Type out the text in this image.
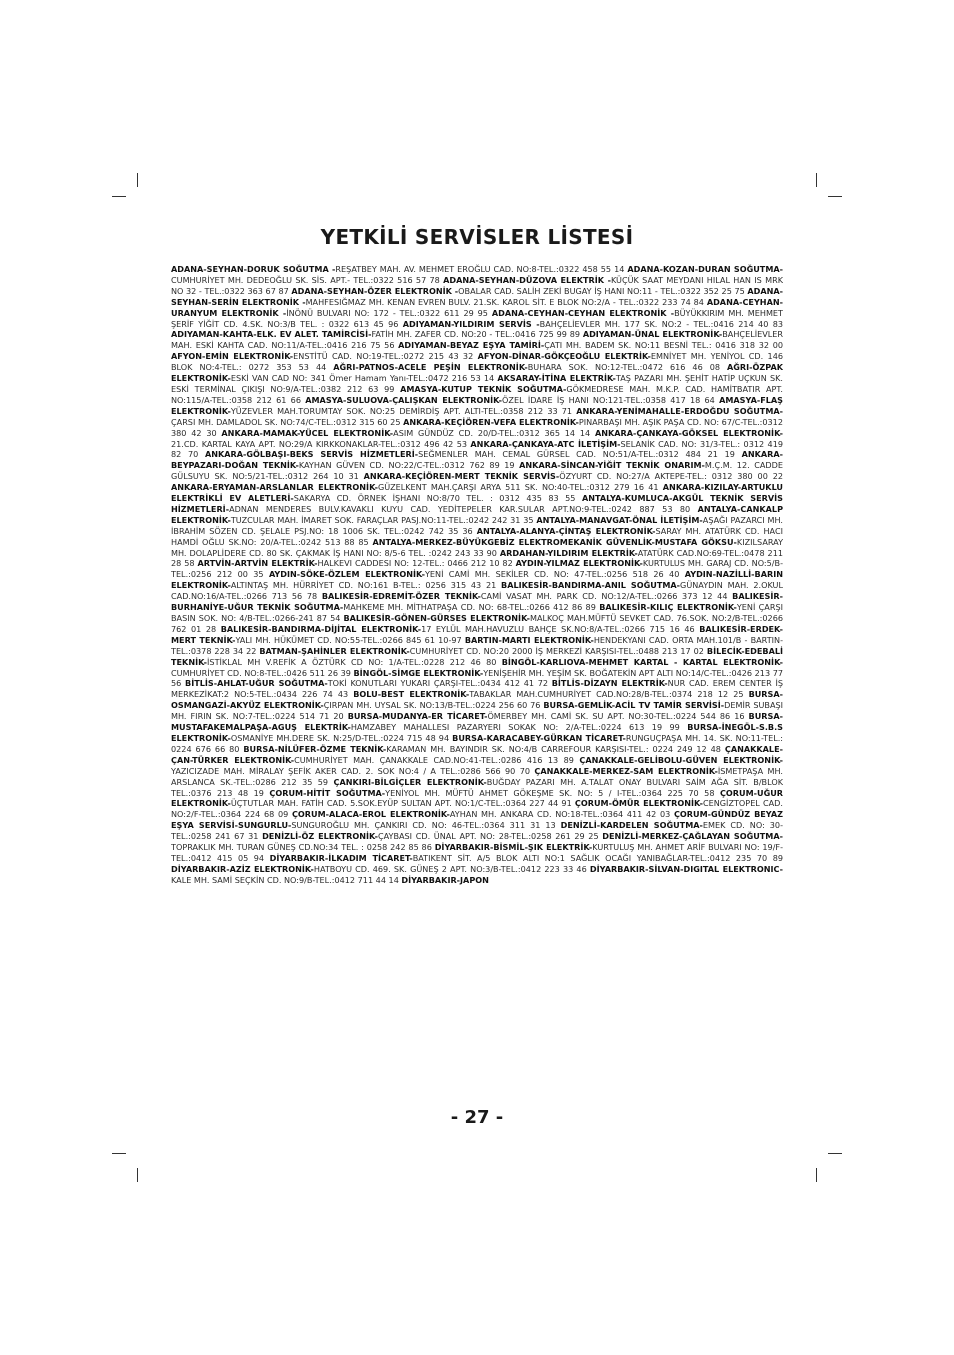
YETKİLİ SERVİSLER LİSTESİ
ADANA-SEYHAN-DORUK SOĞUTMA -REŞATBEY MAH. AV. MEHMET EROĞLU CAD. NO:8-TEL.:0322 458 55 14 ADANA-KOZAN-DURAN SOĞUTMA-CUMHURİYET MH. DEDEOĞLU SK. SİS. APT.- TEL.:0322 516 57 78 ADANA-SEYHAN-DÜZOVA ELEKTRİK -KÜÇÜK SAAT MEYDANI HILAL HAN IS MRK NO 32 - TEL.:0322 363 67 87 ADANA-SEYHAN-ÖZER ELEKTRONİK -OBALAR CAD. SALİH ZEKİ BUGAY İŞ HANI NO:11 - TEL.:0322 352 25 75 ADANA-SEYHAN-SERİN ELEKTRONİK -MAHFESIĞMAZ MH. KENAN EVREN BULV. 21.SK. KAROL SİT. E BLOK NO:2/A - TEL.:0322 233 74 84 ADANA-CEYHAN-URANYUM ELEKTRONİK -İNÖNÜ BULVARI NO: 172 - TEL.:0322 611 29 95 ADANA-CEYHAN-CEYHAN ELEKTRONİK -BÜYÜKKIRIM MH. MEHMET ŞERİF YİĞİT CD. 4.SK. NO:3/B TEL. : 0322 613 45 96 ADIYAMAN-YILDIRIM SERVİS -BAHÇELİEVLER MH. 177 SK. NO:2 - TEL.:0416 214 40 83 ADIYAMAN-KAHTA-ELK. EV ALET. TAMİRCİSİ-FATİH MH. ZAFER CD. NO:20 - TEL.:0416 725 99 89 ADIYAMAN-ÜNAL ELEKTRONİK-BAHÇELİEVLER MAH. ESKİ KAHTA CAD. NO:11/A-TEL.:0416 216 75 56 ADIYAMAN-BEYAZ EŞYA TAMİRİ-ÇATI MH. BADEM SK. NO:11 BESNİ TEL.: 0416 318 32 00 AFYON-EMİN ELEKTRONİK-ENSTİTÜ CAD. NO:19-TEL.:0272 215 43 32 AFYON-DİNAR-GÖKÇEOĞLU ELEKTRİK-EMNİYET MH. YENİYOL CD. 146 BLOK NO:4-TEL.: 0272 353 53 44 AĞRI-PATNOS-ACELE PEŞİN ELEKTRONİK-BUHARA SOK. NO:12-TEL.:0472 616 46 08 AĞRI-ÖZPAK ELEKTRONİK-ESKİ VAN CAD NO: 341 Ömer Hamam Yanı-TEL.:0472 216 53 14 AKSARAY-İTİNA ELEKTRİK-TAŞ PAZARI MH. ŞEHİT HATİP UÇKUN SK. ESKİ TERMİNAL ÇIKIŞI NO:9/A-TEL.:0382 212 63 99 AMASYA-KUTUP TEKNİK SOĞUTMA-GÖKMEDRESE MAH. M.K.P. CAD. HAMİTBATIR APT. NO:115/A-TEL.:0358 212 61 66 AMASYA-SULUOVA-ÇALIŞKAN ELEKTRONİK-ÖZEL İDARE İŞ HANI NO:121-TEL.:0358 417 18 64 AMASYA-FLAŞ ELEKTRONİK-YÜZEVLER MAH.TORUMTAY SOK. NO:25 DEMİRDİŞ APT. ALTI-TEL.:0358 212 33 71 ANKARA-YENİMAHALLE-ERDOĞDU SOĞUTMA-ÇARSI MH. DAMLADOL SK. NO:74/C-TEL.:0312 315 60 25 ANKARA-KEÇİÖREN-VEFA ELEKTRONİK-PINARBAŞI MH. AŞIK PAŞA CD. NO: 67/C-TEL.:0312 380 42 30 ANKARA-MAMAK-YÜCEL ELEKTRONİK-ASIM GÜNDÜZ CD. 20/D-TEL.:0312 365 14 14 ANKARA-ÇANKAYA-GÖKSEL ELEKTRONİK-21.CD. KARTAL KAYA APT. NO:29/A KIRKKONAKLAR-TEL.:0312 496 42 53 ANKARA-ÇANKAYA-ATC İLETİŞİM-SELANİK CAD. NO: 31/3-TEL.: 0312 419 82 70 ANKARA-GÖLBAŞI-BEKS SERVİS HİZMETLERİ-SEĞMENLER MAH. CEMAL GÜRSEL CAD. NO:51/A-TEL.:0312 484 21 19 ANKARA-BEYPAZARI-DOĞAN TEKNİK-KAYHAN GÜVEN CD. NO:22/C-TEL.:0312 762 89 19 ANKARA-SİNCAN-YİĞİT TEKNİK ONARIM-M.Ç.M. 12. CADDE GÜLSUYU SK. NO:5/21-TEL.:0312 264 10 31 ANKARA-KEÇİÖREN-MERT TEKNİK SERVİS-ÖZYURT CD. NO:27/A AKTEPE-TEL.: 0312 380 00 22 ANKARA-ERYAMAN-ARSLANLAR ELEKTRONİK-GÜZELKENT MAH.ÇARŞI ARYA 511 SK. NO:40-TEL.:0312 279 16 41 ANKARA-KIZILAY-ARTUKLU ELEKTRİKLİ EV ALETLERİ-SAKARYA CD. ÖRNEK İŞHANI NO:8/70 TEL. : 0312 435 83 55 ANTALYA-KUMLUCA-AKGÜL TEKNİK SERVİS HİZMETLERİ-ADNAN MENDERES BULV.KAVAKLI KUYU CAD. YEDİTEPELER KAR.SULAR APT.NO:9-TEL.:0242 887 53 80 ANTALYA-CANKALP ELEKTRONİK-TUZCULAR MAH. İMARET SOK. FARAÇLAR PASJ.NO:11-TEL.:0242 242 31 35 ANTALYA-MANAVGAT-ÖNAL İLETİŞİM-AŞAĞI PAZARCI MH. İBRAHİM SÖZEN CD. ŞELALE PSJ.NO: 18 1006 SK. TEL.:0242 742 35 36 ANTALYA-ALANYA-ÇİNTAŞ ELEKTRONİK-SARAY MH. ATATÜRK CD. HACI HAMDİ OĞLU SK.NO: 20/A-TEL.:0242 513 88 85 ANTALYA-MERKEZ-BÜYÜKGEBİZ ELEKTROMEKANİK GÜVENLİK-MUSTAFA GÖKSU-KIZILSARAY MH. DOLAPLİDERE CD. 80 SK. ÇAKMAK İŞ HANI NO: 8/5-6 TEL. :0242 243 33 90 ARDAHAN-YILDIRIM ELEKTRİK-ATATÜRK CAD.NO:69-TEL.:0478 211 28 58 ARTVİN-ARTVİN ELEKTRİK-HALKEVI CADDESI NO: 12-TEL.: 0466 212 10 82 AYDIN-YILMAZ ELEKTRONİK-KURTULUS MH. GARAJ CD. NO:5/B-TEL.:0256 212 00 35 AYDIN-SÖKE-ÖZLEM ELEKTRONİK-YENİ CAMİ MH. SEKİLER CD. NO: 47-TEL.:0256 518 26 40 AYDIN-NAZİLLİ-BARIN ELEKTRONİK-ALTINTAŞ MH. HÜRRİYET CD. NO:161 B-TEL.: 0256 315 43 21 BALIKESİR-BANDIRMA-ANIL SOĞUTMA-GÜNAYDIN MAH. 2.OKUL CAD.NO:16/A-TEL.:0266 713 56 78 BALIKESİR-EDREMİT-ÖZER TEKNİK-CAMİ VASAT MH. PARK CD. NO:12/A-TEL.:0266 373 12 44 BALIKESİR-BURHANİYE-UĞUR TEKNİK SOĞUTMA-MAHKEME MH. MİTHATPAŞA CD. NO: 68-TEL.:0266 412 86 89 BALIKESİR-KILIÇ ELEKTRONİK-YENİ ÇARŞI BASIN SOK. NO: 4/B-TEL.:0266-241 87 54 BALIKESİR-GÖNEN-GÜRSES ELEKTRONİK-MALKOÇ MAH.MÜFTÜ SEVKET CAD. 76.SOK. NO:2/B-TEL.:0266 762 01 28 BALIKESİR-BANDIRMA-DİJİTAL ELEKTRONİK-17 EYLÜL MAH.HAVUZLU BAHÇE SK.NO:8/A-TEL.:0266 715 16 46 BALIKESİR-ERDEK-MERT TEKNİK-YALI MH. HÜKÜMET CD. NO:55-TEL.:0266 845 61 10-97 BARTIN-MARTI ELEKTRONİK-HENDEKYANI CAD. ORTA MAH.101/B - BARTIN-TEL.:0378 228 34 22 BATMAN-ŞAHİNLER ELEKTRONİK-CUMHURİYET CD. NO:20 2000 İŞ MERKEZİ KARŞISI-TEL.:0488 213 17 02 BİLECİK-EDEBALİ TEKNİK-İSTİKLAL MH V.REFİK A ÖZTÜRK CD NO: 1/A-TEL.:0228 212 46 80 BİNGÖL-KARLIOVA-MEHMET KARTAL - KARTAL ELEKTRONİK-CUMHURİYET CD. NO:8-TEL.:0426 511 26 39 BİNGÖL-SİMGE ELEKTRONİK-YENİŞEHİR MH. YEŞİM SK. BOĞATEKİN APT ALTI NO:14/C-TEL.:0426 213 77 56 BİTLİS-AHLAT-UĞUR SOĞUTMA-TOKİ KONUTLARI YUKARI ÇARŞI-TEL.:0434 412 41 72 BİTLİS-DİZAYN ELEKTRİK-NUR CAD. EREM CENTER İŞ MERKEZİKAT:2 NO:5-TEL.:0434 226 74 43 BOLU-BEST ELEKTRONİK-TABAKLAR MAH.CUMHURİYET CAD.NO:28/B-TEL.:0374 218 12 25 BURSA-OSMANGAZİ-AKYÜZ ELEKTRONİK-ÇIRPAN MH. UYSAL SK. NO:13/B-TEL.:0224 256 60 76 BURSA-GEMLİK-ACİL TV TAMİR SERVİSİ-DEMİR SUBAŞI MH. FIRIN SK. NO:7-TEL.:0224 514 71 20 BURSA-MUDANYA-ER TİCARET-ÖMERBEY MH. CAMİ SK. SU APT. NO:30-TEL.:0224 544 86 16 BURSA-MUSTAFAKEMALPAŞA-AGUŞ ELEKTRİK-HAMZABEY MAHALLESI PAZARYERI SOKAK NO: 2/A-TEL.:0224 613 19 99 BURSA-İNEGÖL-S.B.S ELEKTRONİK-OSMANİYE MH.DERE SK. N:25/D-TEL.:0224 715 48 94 BURSA-KARACABEY-GÜRKAN TİCARET-RUNGUÇPAŞA MH. 14. SK. NO:11-TEL.: 0224 676 66 80 BURSA-NİLÜFER-ÖZME TEKNİK-KARAMAN MH. BAYINDIR SK. NO:4/B CARREFOUR KARŞISI-TEL.: 0224 249 12 48 ÇANAKKALE-ÇAN-TÜRKER ELEKTRONİK-CUMHURİYET MAH. ÇANAKKALE CAD.NO:41-TEL.:0286 416 13 89 ÇANAKKALE-GELİBOLU-GÜVEN ELEKTRONİK-YAZICIZADE MAH. MİRALAY ŞEFİK AKER CAD. 2. SOK NO:4 / A TEL.:0286 566 90 70 ÇANAKKALE-MERKEZ-SAM ELEKTRONİK-İSMETPAŞA MH. ARSLANCA SK.-TEL.:0286 212 35 59 ÇANKIRI-BİLGİÇLER ELEKTRONİK-BUĞDAY PAZARI MH. A.TALAT ONAY BULVARI SAİM AĞA SİT. B/BLOK TEL.:0376 213 48 19 ÇORUM-HİTİT SOĞUTMA-YENİYOL MH. MÜFTÜ AHMET GÖKEŞME SK. NO: 5 / I-TEL.:0364 225 70 58 ÇORUM-UĞUR ELEKTRONİK-ÜÇTUTLAR MAH. FATİH CAD. 5.SOK.EYÜP SULTAN APT. NO:1/C-TEL.:0364 227 44 91 ÇORUM-ÖMÜR ELEKTRONİK-CENGİZTOPEL CAD. NO:2/F-TEL.:0364 224 68 09 ÇORUM-ALACA-EROL ELEKTRONİK-AYHAN MH. ANKARA CD. NO:18-TEL.:0364 411 42 03 ÇORUM-GÜNDÜZ BEYAZ EŞYA SERVİSİ-SUNGURLU-SUNGUROĞLU MH. ÇANKIRI CD. NO: 46-TEL.:0364 311 31 13 DENİZLİ-KARDELEN SOĞUTMA-EMEK CD. NO: 30-TEL.:0258 241 67 31 DENİZLİ-ÖZ ELEKTRONİK-ÇAYBASI CD. ÜNAL APT. NO: 28-TEL.:0258 261 29 25 DENİZLİ-MERKEZ-ÇAĞLAYAN SOĞUTMA-TOPRAKLIK MH. TURAN GÜNEŞ CD.NO:34 TEL. : 0258 242 85 86 DİYARBAKIR-BİSMİL-ŞIK ELEKTRİK-KURTULUŞ MH. AHMET ARİF BULVARI NO: 19/F-TEL.:0412 415 05 94 DİYARBAKIR-İLKADIM TİCARET-BATIKENT SİT. A/5 BLOK ALTI NO:1 SAĞLIK OCAĞI YANIBAĞLAR-TEL.:0412 235 70 89 DİYARBAKIR-AZİZ ELEKTRONİK-HATBOYU CD. 469. SK. GÜNEŞ 2 APT. NO:3/B-TEL.:0412 223 33 46 DİYARBAKIR-SİLVAN-DIGITAL ELEKTRONIC-KALE MH. SAMİ SEÇKİN CD. NO:9/B-TEL.:0412 711 44 14 DİYARBAKIR-JAPON
- 27 -
